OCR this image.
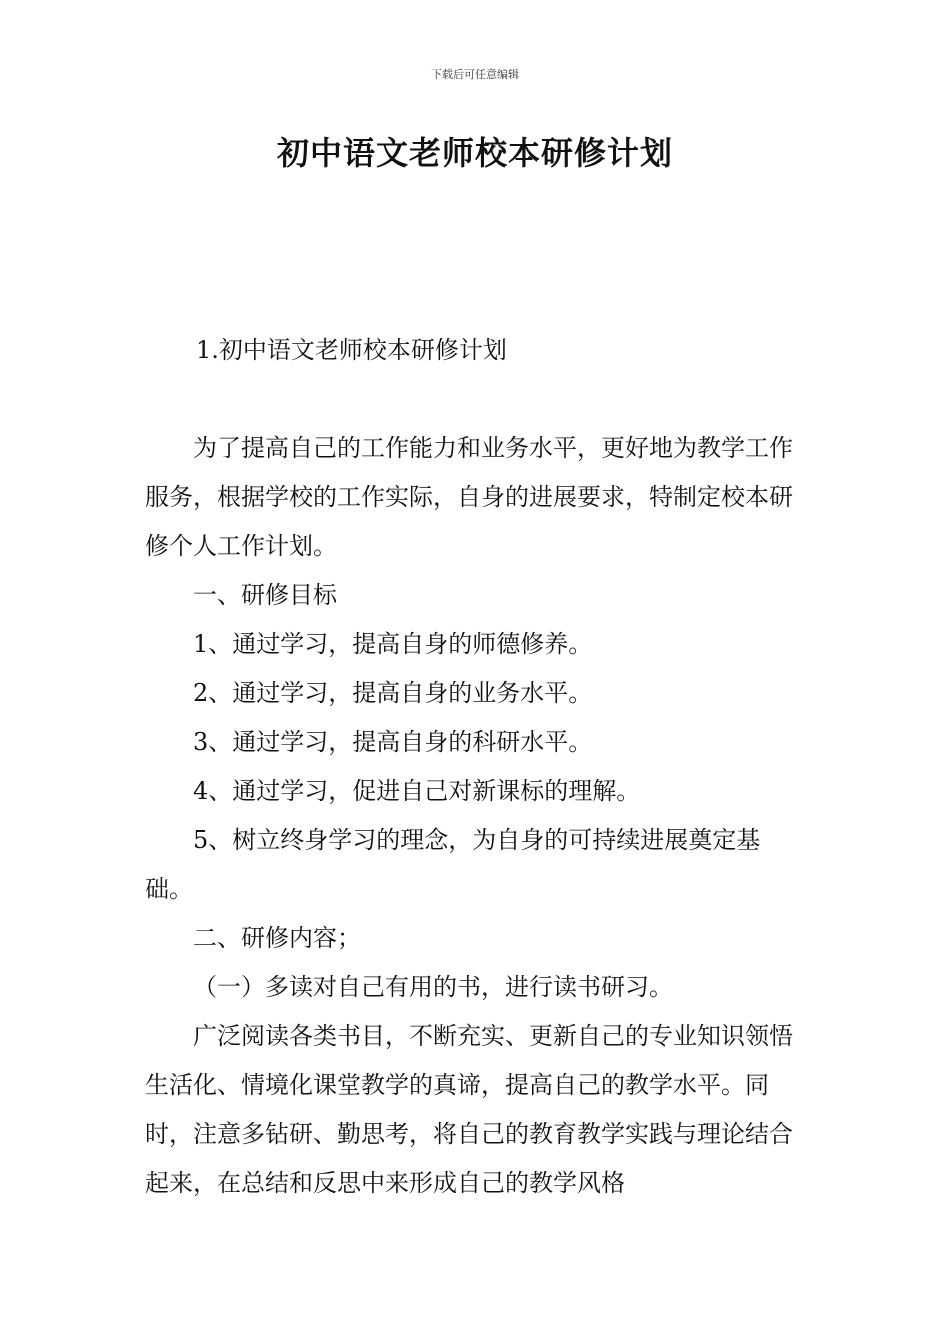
下载后可任意编辑
初中语文老师校本研修计划
1.初中语文老师校本研修计划

为了提高自己的工作能力和业务水平，更好地为教学工作服务，根据学校的工作实际，自身的进展要求，特制定校本研修个人工作计划。

一、研修目标

1、通过学习，提高自身的师德修养。

2、通过学习，提高自身的业务水平。

3、通过学习，提高自身的科研水平。

4、通过学习，促进自己对新课标的理解。

5、树立终身学习的理念，为自身的可持续进展奠定基础。

二、研修内容；

（一）多读对自己有用的书，进行读书研习。

广泛阅读各类书目，不断充实、更新自己的专业知识领悟生活化、情境化课堂教学的真谛，提高自己的教学水平。同时，注意多钻研、勤思考，将自己的教育教学实践与理论结合起来，在总结和反思中来形成自己的教学风格
